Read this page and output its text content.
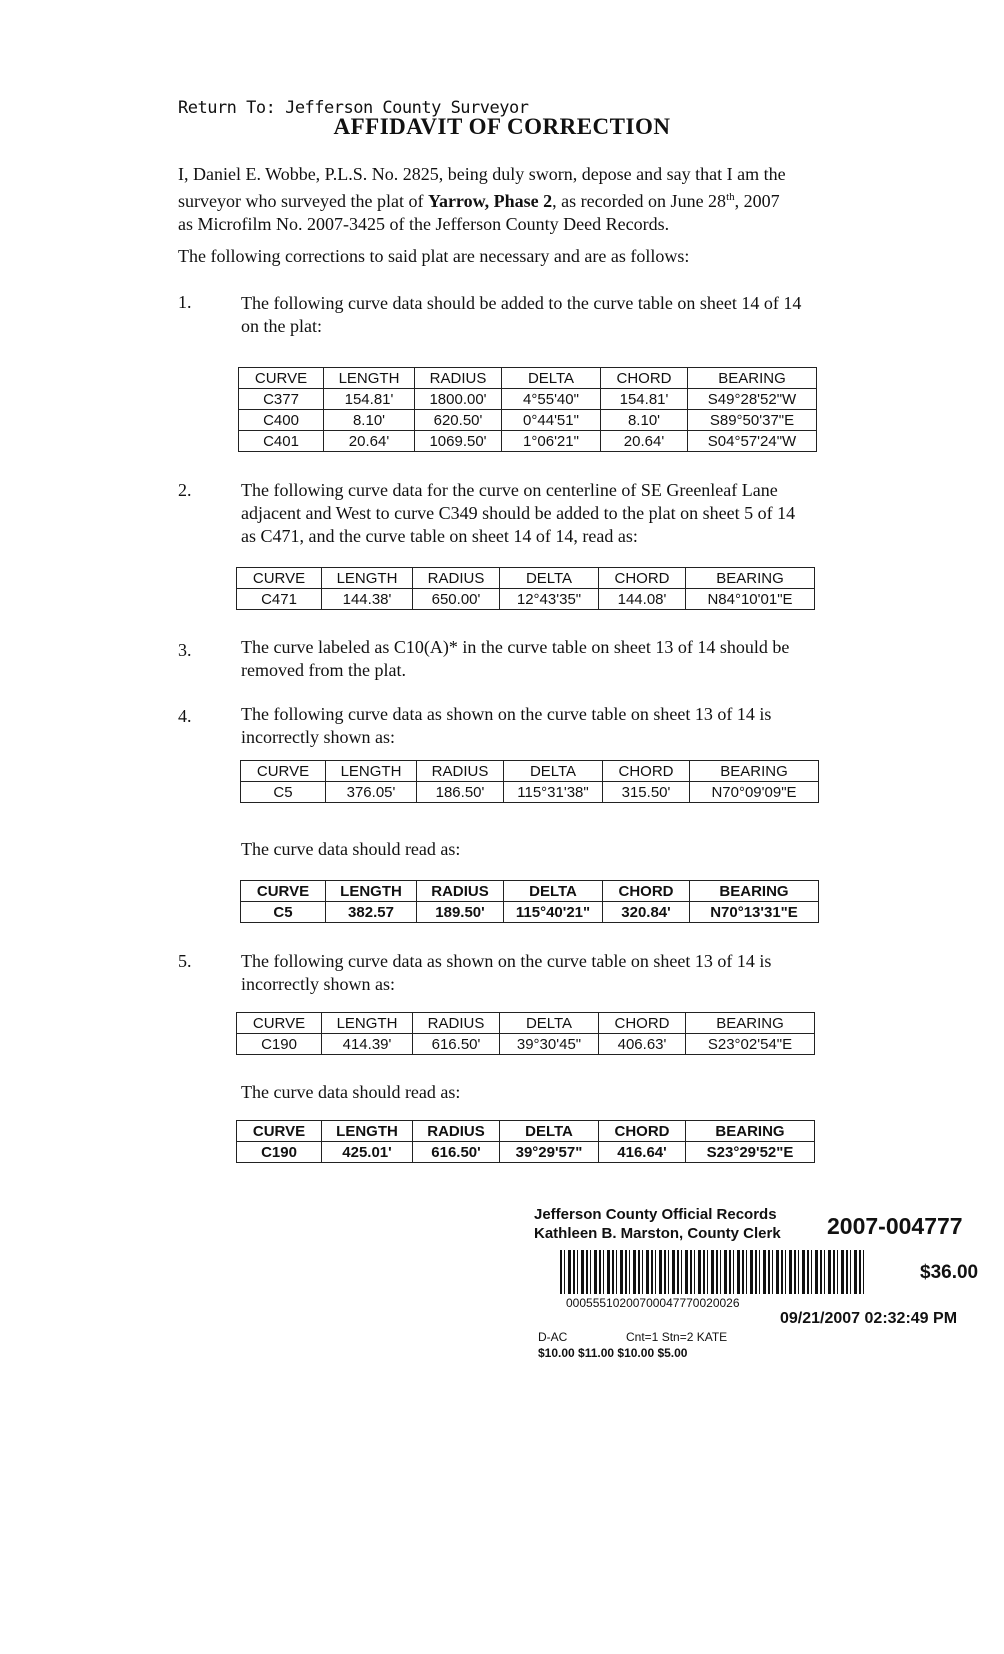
Return To: Jefferson County Surveyor
AFFIDAVIT OF CORRECTION
I, Daniel E. Wobbe, P.L.S. No. 2825, being duly sworn, depose and say that I am the
surveyor who surveyed the plat of Yarrow, Phase 2, as recorded on June 28th, 2007
as Microfilm No. 2007-3425 of the Jefferson County Deed Records.
The following corrections to said plat are necessary and are as follows:
1.	The following curve data should be added to the curve table on sheet 14 of 14
on the plat:
CURVE	LENGTH	RADIUS	DELTA	CHORD	BEARING
C377	154.81'	1800.00'	4°55'40"	154.81'	S49°28'52"W
C400	8.10'	620.50'	0°44'51"	8.10'	S89°50'37"E
C401	20.64'	1069.50'	1°06'21"	20.64'	S04°57'24"W
2.	The following curve data for the curve on centerline of SE Greenleaf Lane
adjacent and West to curve C349 should be added to the plat on sheet 5 of 14
as C471, and the curve table on sheet 14 of 14, read as:
CURVE	LENGTH	RADIUS	DELTA	CHORD	BEARING
C471	144.38'	650.00'	12°43'35"	144.08'	N84°10'01"E
3.	The curve labeled as C10(A)* in the curve table on sheet 13 of 14 should be
removed from the plat.
4.	The following curve data as shown on the curve table on sheet 13 of 14 is
incorrectly shown as:
CURVE	LENGTH	RADIUS	DELTA	CHORD	BEARING
C5	376.05'	186.50'	115°31'38"	315.50'	N70°09'09"E
The curve data should read as:
CURVE	LENGTH	RADIUS	DELTA	CHORD	BEARING
C5	382.57	189.50'	115°40'21"	320.84'	N70°13'31"E
5.	The following curve data as shown on the curve table on sheet 13 of 14 is
incorrectly shown as:
CURVE	LENGTH	RADIUS	DELTA	CHORD	BEARING
C190	414.39'	616.50'	39°30'45"	406.63'	S23°02'54"E
The curve data should read as:
CURVE	LENGTH	RADIUS	DELTA	CHORD	BEARING
C190	425.01'	616.50'	39°29'57"	416.64'	S23°29'52"E
Jefferson County Official Records
Kathleen B. Marston, County Clerk 2007-004777
$36.00
00055510200700047770020026
09/21/2007 02:32:49 PM
D-AC	Cnt=1 Stn=2 KATE
$10.00 $11.00 $10.00 $5.00
